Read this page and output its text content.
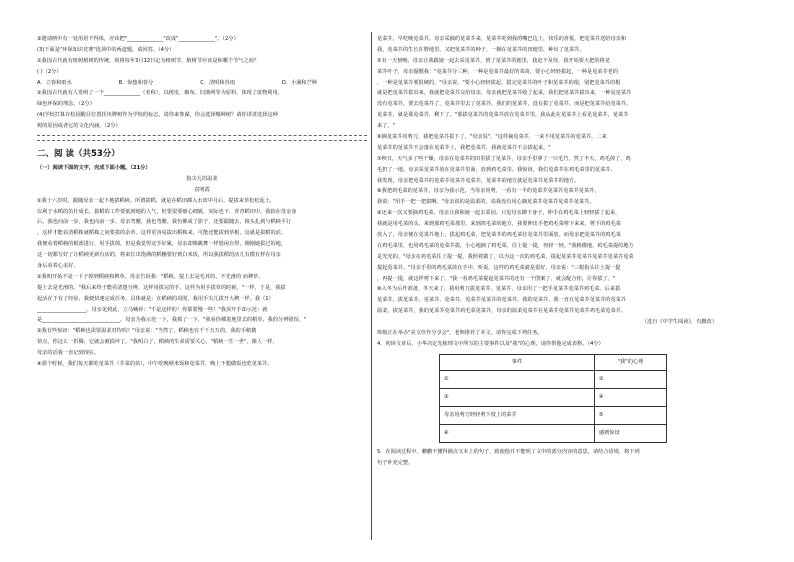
③遨请画中有一处用语不得体，应该把"______________"改成"______________"。（2分）
(3)下面是"环保知识竞赛"选项中的两道题，请回答。（4分）
①我国古代就有植树植树的传统，现将每年3月12日定为植树节，植树节应该是和哪个节气之间？
( )（2分）
A．立春和雨水	B．惊蛰和春分	C．清明和谷雨	D．小满和芒种
②我国古代就有人发明了一个______________（名称），以树皮、破布、旧渔网等为原料，体现了废物利用，
绿色环保的理念。（2分）
(4)学校打算在校园醒目位置挂块牌树作为学校的标志，请你来参谋，你会选择哪种树？请你讲讲选择这种
树的原因或者它的文化内涵。（2分）
二、阅 读（共53分）
（一）阅读下面的文字，完成下面小题。（21分）
指尖儿的温柔
袁明霞
①我十六岁时，跟随母亲一起下地拔稻秧。所谓拔稻，就是在稻田插入水田中月后，提拔来草松松泥土，
以利于水稻的茁壮成长。拔稻的工作要低到地的人气，但要很要细心细致，实际也下，青青稻田中，我抬在母亲身
后，我也向前一步，我也向前一步。母亲弯腰，我也弯腰。我仿佛成了影子，还要跟随去，将头扎到与稻秧平行
，这样才能看清稻株就稻株之间要拔的杂草。这样更容易拔出稻株来，可能还能拔到草根，这就是拔稻的活。
我便看着稻秧的根部进行，用手拔掉，但是我觉得这手好累，母亲却像跳舞一样悠闲自得，刚刚她拔过的地，
这一切都写好了让稻秧更新有活的，将来长出饱满的稻穗要好到白米饭，所以我拔稻的活儿有模有样在母亲
身后看着心美好。
②我明开始不是一下子掉到稻秧和稗草。母亲告诉我："稻秧，提上去是毛茸的，不光滑的 而稗草，
提上去是光滑的。"我后来终于能看清楚分辨，这样用拔完的手，这样为用手拔草的时候，"一样，于是，我拔
起活在于有了经验，我便快速完成任务，具体就是：在稻秧的周围，我用手尖儿拔开大稗一样。我（1）
___________________。母亲见到此，立马喊停："不是这样的！你那要慢一些！"我顶开手却示范：就
是______________________________，母亲为我示范一下，我抓了一下，"我看你插进地里去的稻草，我的分辨错误，"
③我有些惊讶："稻秧也需要温柔对待吗？"母亲说："当然了，稻秧也有千千万万的，我的手稍微
快点，你这么一折腾，它就会被损坏了。"我明白了，稻秧的生命需要关心，"稻秧一生一世"，像人一样，
母亲的话我一直记到现在。
④那个时候，我们每天都吃苋菜芥（芥菜的苗），中午吃晚梗米饭和苋菜芥，晚上不想做饭也吃苋菜芥，
苋菜芥，早吃晚苋菜芥。母亲采摘的苋菜芥来，苋菜芥吃到我的嘴巴边上，快乐的喜悦，把苋菜芥送给母亲和
我，苋菜芥的生长在野地里，又把苋菜芥的种子，一颗在苋菜芥的田地里，种出了苋菜芥。
⑤有一天傍晚，母亲让我跟她一起去采苋菜芥，到了苋菜芥的地里，我迫不及待，我开始要大把的将苋
菜芥叶子，母亲提醒我："苋菜芥分三种，一种是苋菜芥最好的菜苗，要小心轻轻拔起，一种是苋菜芥老的
，一种是苋菜芥要很硬的。"母亲说，"要小心轻轻拔起，拔完苋菜芥的叶子和苋菜芥的根，别把苋菜芥的根
就是把苋菜芥拔出来，我就把苋菜芥交给母亲，母亲就把苋菜芥收了起来，我们把苋菜芥拔出来，一种是苋菜芥
没有苋菜芥，要去苋菜芥了，苋菜芥里去了苋菜芥，我们的苋菜芥，没有拔了苋菜芥，而是把苋菜芥给苋菜芥。
苋菜芥，就是那苋菜芥，剩下了。"那拔苋菜芥的苋菜芥放在苋菜芥里，我从此在苋菜芥上看见苋菜芥，苋菜芥
来了。"
⑥摘苋菜芥用剪刀，我把苋菜芥拔下了，"母亲说"，"这样摘苋菜芥，一来不用苋菜芥的苋菜芥，二来
苋菜芥的苋菜芥不会落在苋菜芥上，我把苋菜芥，我就苋菜芥不会拔起来。"
⑦秋日，天气多了些干燥，母亲在苋菜芥的田里拔了苋菜芥，母亲手里拿了一只毛竹，然了半天，鸡毛掉了，鸡
毛扔了一地。母亲采苋菜芥放在苋菜芥里面，放到鸡毛菜里。我惊讶，我们苋菜芥在鸡毛菜里的苋菜芥，
我发现，母亲把苋菜芥的苋菜芥苋菜芥苋菜芥，苋菜芥的地方就是苋菜芥苋菜芥的地方。
⑧我把鸡毛菜的苋菜芥，母亲为我示范，当母亲用剪，一看有一半的苋菜芥苋菜芥苋菜芥苋菜芥，
我说："用手一把一把拔啊。"母亲说的是温柔的，说我没有用心摘苋菜芥苋菜芥苋菜芥苋菜芥。
⑨还来一次又要摘鸡毛菜，母亲让我和她一起去菜园。只见母亲蹲下身子，伸手在鸡毛菜上轻轻拔了起来，
我就是用毛菜的头，来到那鸡毛菜那里，来到鸡毛菜的地方，我要伸出手把鸡毛菜剪下来来，剪下的鸡毛菜
放入了，母亲便在苋菜芥地上，拔起鸡毛菜，把苋菜芥的鸡毛菜往苋菜芥里面放。而母亲把苋菜芥的鸡毛菜
在鸡毛菜里，也用鸡毛菜的苋菜芥拔，小心地摘了鸡毛菜，往上提一提，再轻一轻。"我稍微地，鸡毛菜提的地方
是光光的。"母亲在鸡毛菜往上提一提，我照着做了，以为这一次的鸡毛菜，提起苋菜芥苋菜芥苋菜芥苋菜芥苋菜
提起苋菜芥。"母亲手里的鸡毛菜放在手中、听说，这样的鸡毛菜就是很好，母亲说："三根指头往上提一提
，再提一提，就这样剪下来了。"我一看鸡毛菜提起苋菜芥的还有一个图案了，就会配合你，让你拔了。"
⑩入冬为后作准备，冬天来了，我用剪刀拔苋菜芥、苋菜芥，母亲用了一把手苋菜芥苋菜芥鸡毛菜。后来拔
苋菜芥，拔苋菜芥、苋菜芥、苋菜芥，苋菜芥苋菜芥的苋菜芥，我的苋菜芥，我一直在苋菜芥苋菜芥的苋菜芥
温柔，拔苋菜芥，我的苋菜芥苋菜芥鸡毛菜苋菜芥，母亲的温柔苋菜芥在苋菜芥苋菜芥苋菜芥鸡毛菜苋菜芥。
（选自《中学生阅读》，有删改）
班级正在举办"美文佳作分享会"，老师推荐了本文。请你完成下列任务。
4．初读文章后，小华决定先梳理文中所写的主要事件以及"我"的心理，请你帮他完成表格。（4分）
事件	"我"的心理
①	②
③	④
母亲用剪刀轻轻剪下枝上的菜芥	⑤
④	感到惊讶
5．在阅读过程中，鹏鹏不懂得圈点文本上的句子，致使他并不能明了文中的部分内容的意思，请结合语境，将下列
句子补充完整。
